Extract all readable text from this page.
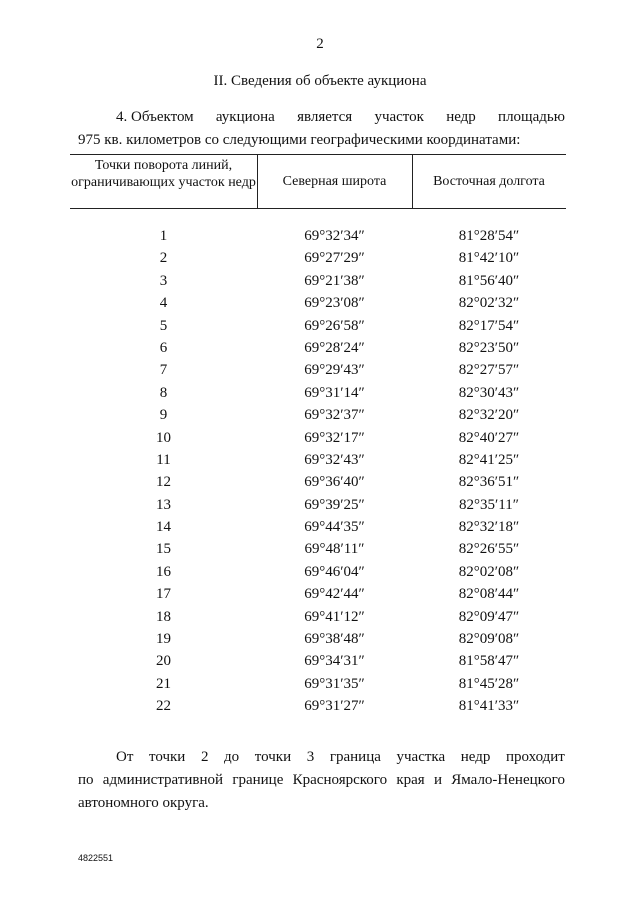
2
II. Сведения об объекте аукциона
4. Объектом аукциона является участок недр площадью
975 кв. километров со следующими географическими координатами:
Точки поворота линий, ограничивающих участок недр	Северная широта	Восточная долгота
1	69°32′34″	81°28′54″
2	69°27′29″	81°42′10″
3	69°21′38″	81°56′40″
4	69°23′08″	82°02′32″
5	69°26′58″	82°17′54″
6	69°28′24″	82°23′50″
7	69°29′43″	82°27′57″
8	69°31′14″	82°30′43″
9	69°32′37″	82°32′20″
10	69°32′17″	82°40′27″
11	69°32′43″	82°41′25″
12	69°36′40″	82°36′51″
13	69°39′25″	82°35′11″
14	69°44′35″	82°32′18″
15	69°48′11″	82°26′55″
16	69°46′04″	82°02′08″
17	69°42′44″	82°08′44″
18	69°41′12″	82°09′47″
19	69°38′48″	82°09′08″
20	69°34′31″	81°58′47″
21	69°31′35″	81°45′28″
22	69°31′27″	81°41′33″
От точки 2 до точки 3 граница участка недр проходит
по административной границе Красноярского края и Ямало-Ненецкого
автономного округа.
4822551
